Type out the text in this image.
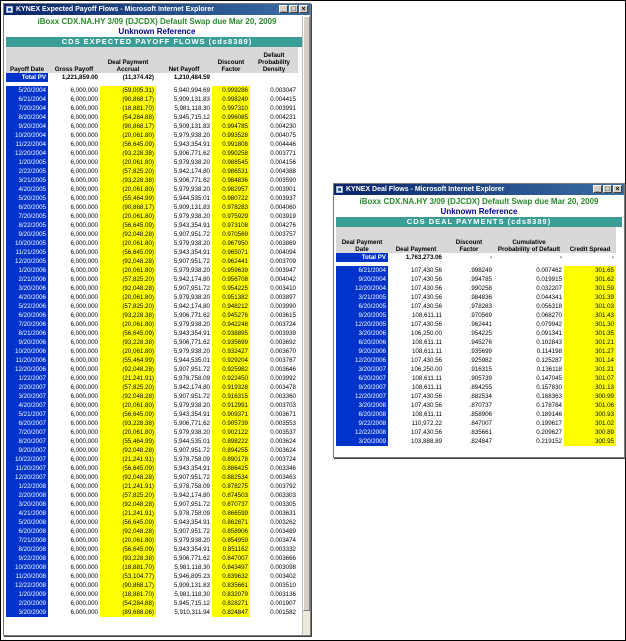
KYNEX Expected Payoff Flows - Microsoft Internet Explorer	_ □ ×
iBoxx CDX.NA.HY 3/09 (DJCDX) Default Swap due Mar 20, 2009
Unknown Reference
CDS EXPECTED PAYOFF FLOWS (cds8389)
Payoff Date	Gross Payoff	Deal Payment Accrual	Net Payoff	Discount Factor	Default Probability Density
Total PV	1,221,859.00	(11,374.42)	1,210,484.59		

5/20/2004	6,000,000	(59,005.31)	5,940,994.69	0.999286	0.003047
6/21/2004	6,000,000	(90,868.17)	5,909,131.83	0.998249	0.004415
7/20/2004	6,000,000	(18,881.70)	5,981,118.30	0.997310	0.003991
8/20/2004	6,000,000	(54,284.88)	5,945,715.12	0.996085	0.004231
9/20/2004	6,000,000	(90,868.17)	5,909,131.83	0.994785	0.004230
10/20/2004	6,000,000	(20,061.80)	5,979,938.20	0.993528	0.004075
11/22/2004	6,000,000	(56,645.09)	5,943,354.91	0.991808	0.004446
12/20/2004	6,000,000	(93,228.38)	5,906,771.62	0.990258	0.003771
1/20/2005	6,000,000	(20,061.80)	5,979,938.20	0.988545	0.004156
2/22/2005	6,000,000	(57,825.20)	5,942,174.80	0.986531	0.004388
3/21/2005	6,000,000	(93,228.38)	5,906,771.62	0.984836	0.003590
4/20/2005	6,000,000	(20,061.80)	5,979,938.20	0.982957	0.003901
5/20/2005	6,000,000	(55,464.99)	5,944,535.01	0.980722	0.003937
6/20/2005	6,000,000	(90,868.17)	5,909,131.83	0.978283	0.004060
7/20/2005	6,000,000	(20,061.80)	5,979,938.20	0.975929	0.003919
8/22/2005	6,000,000	(56,645.09)	5,943,354.91	0.973108	0.004276
9/20/2005	6,000,000	(92,048.28)	5,907,951.72	0.970569	0.003757
10/20/2005	6,000,000	(20,061.80)	5,979,938.20	0.967950	0.003869
11/21/2005	6,000,000	(56,645.09)	5,943,354.91	0.965071	0.004094
12/20/2005	6,000,000	(92,048.28)	5,907,951.72	0.962441	0.003709
1/20/2006	6,000,000	(20,061.80)	5,979,938.20	0.959639	0.003947
2/21/2006	6,000,000	(57,825.20)	5,942,174.80	0.956708	0.004042
3/20/2006	6,000,000	(92,048.28)	5,907,951.72	0.954225	0.003410
4/20/2006	6,000,000	(20,061.80)	5,979,938.20	0.951382	0.003897
5/22/2006	6,000,000	(57,825.20)	5,942,174.80	0.948212	0.003990
6/20/2006	6,000,000	(93,228.38)	5,906,771.62	0.945276	0.003615
7/20/2006	6,000,000	(20,061.80)	5,979,938.20	0.942248	0.003724
8/21/2006	6,000,000	(56,645.09)	5,943,354.91	0.938895	0.003939
9/20/2006	6,000,000	(93,228.38)	5,906,771.62	0.935699	0.003692
10/20/2006	6,000,000	(20,061.80)	5,979,938.20	0.932427	0.003670
11/20/2006	6,000,000	(55,464.99)	5,944,535.01	0.929204	0.003767
12/20/2006	6,000,000	(92,048.28)	5,907,951.72	0.925982	0.003646
1/22/2007	6,000,000	(21,241.91)	5,978,758.09	0.922450	0.003992
2/20/2007	6,000,000	(57,825.20)	5,942,174.80	0.919328	0.003478
3/20/2007	6,000,000	(92,048.28)	5,907,951.72	0.916315	0.003360
4/20/2007	6,000,000	(20,061.80)	5,979,938.20	0.912991	0.003703
5/21/2007	6,000,000	(56,645.09)	5,943,354.91	0.909371	0.003671
6/20/2007	6,000,000	(93,228.38)	5,906,771.62	0.905739	0.003553
7/20/2007	6,000,000	(20,061.80)	5,979,938.20	0.902122	0.003537
8/20/2007	6,000,000	(55,464.99)	5,944,535.01	0.898222	0.003624
9/20/2007	6,000,000	(92,048.28)	5,907,951.72	0.894255	0.003624
10/22/2007	6,000,000	(21,241.91)	5,978,758.09	0.890178	0.003724
11/20/2007	6,000,000	(56,645.09)	5,943,354.91	0.886425	0.003346
12/20/2007	6,000,000	(92,048.28)	5,907,951.72	0.882534	0.003463
1/22/2008	6,000,000	(21,241.91)	5,978,758.09	0.878275	0.003792
2/20/2008	6,000,000	(57,825.20)	5,942,174.80	0.874503	0.003303
3/20/2008	6,000,000	(92,048.28)	5,907,951.72	0.870737	0.003305
4/21/2008	6,000,000	(21,241.91)	5,978,758.09	0.866599	0.003631
5/20/2008	6,000,000	(56,645.09)	5,943,354.91	0.862871	0.003262
6/20/2008	6,000,000	(92,048.28)	5,907,951.72	0.858906	0.003489
7/21/2008	6,000,000	(20,061.80)	5,979,938.20	0.854959	0.003474
8/20/2008	6,000,000	(56,645.09)	5,943,354.91	0.851162	0.003332
9/22/2008	6,000,000	(93,228.38)	5,906,771.62	0.847007	0.003666
10/20/2008	6,000,000	(18,881.70)	5,981,118.30	0.843497	0.003098
11/20/2008	6,000,000	(53,104.77)	5,946,895.23	0.839632	0.003402
12/22/2008	6,000,000	(90,868.17)	5,909,131.83	0.835661	0.003510
1/20/2009	6,000,000	(18,881.70)	5,981,118.30	0.832079	0.003136
2/20/2009	6,000,000	(54,284.88)	5,945,715.12	0.828271	0.001907
3/20/2009	6,000,000	(89,688.06)	5,910,311.94	0.824847	0.001582
KYNEX Deal Flows - Microsoft Internet Explorer	_ □ ×
iBoxx CDX.NA.HY 3/09 (DJCDX) Default Swap due Mar 20, 2009
Unknown Reference
CDS DEAL PAYMENTS (cds8389)
Deal Payment Date	Deal Payment	Discount Factor	Cumulative Probability of Default	Credit Spread
Total PV	1,763,273.06	-	-	-

6/21/2004	107,430.56	.998249	0.007462	301.65
9/20/2004	107,430.56	.994785	0.019915	301.62
12/20/2004	107,430.56	.990258	0.032207	301.59
3/21/2005	107,430.56	.984836	0.044341	301.39
6/20/2005	107,430.56	.978283	0.056318	301.03
9/20/2005	108,611.11	.970569	0.068270	301.43
12/20/2005	107,430.56	.962441	0.079942	301.30
3/20/2006	106,250.00	.954225	0.091341	301.35
6/20/2006	108,611.11	.945276	0.102843	301.21
9/20/2006	108,611.11	.935699	0.114198	301.27
12/20/2006	107,430.56	.925982	0.125287	301.14
3/20/2007	106,250.00	.916315	0.136118	301.21
6/20/2007	108,611.11	.905739	0.147045	301.07
9/20/2007	108,611.11	.894255	0.157830	301.13
12/20/2007	107,430.56	.882534	0.168363	300.99
3/20/2008	107,430.56	.870737	0.178764	301.06
6/20/2008	108,611.11	.858906	0.189146	300.93
9/22/2008	110,972.22	.847007	0.199617	301.02
12/22/2008	107,430.56	.835661	0.209627	300.89
3/20/2009	103,888.89	.824847	0.219152	300.95
